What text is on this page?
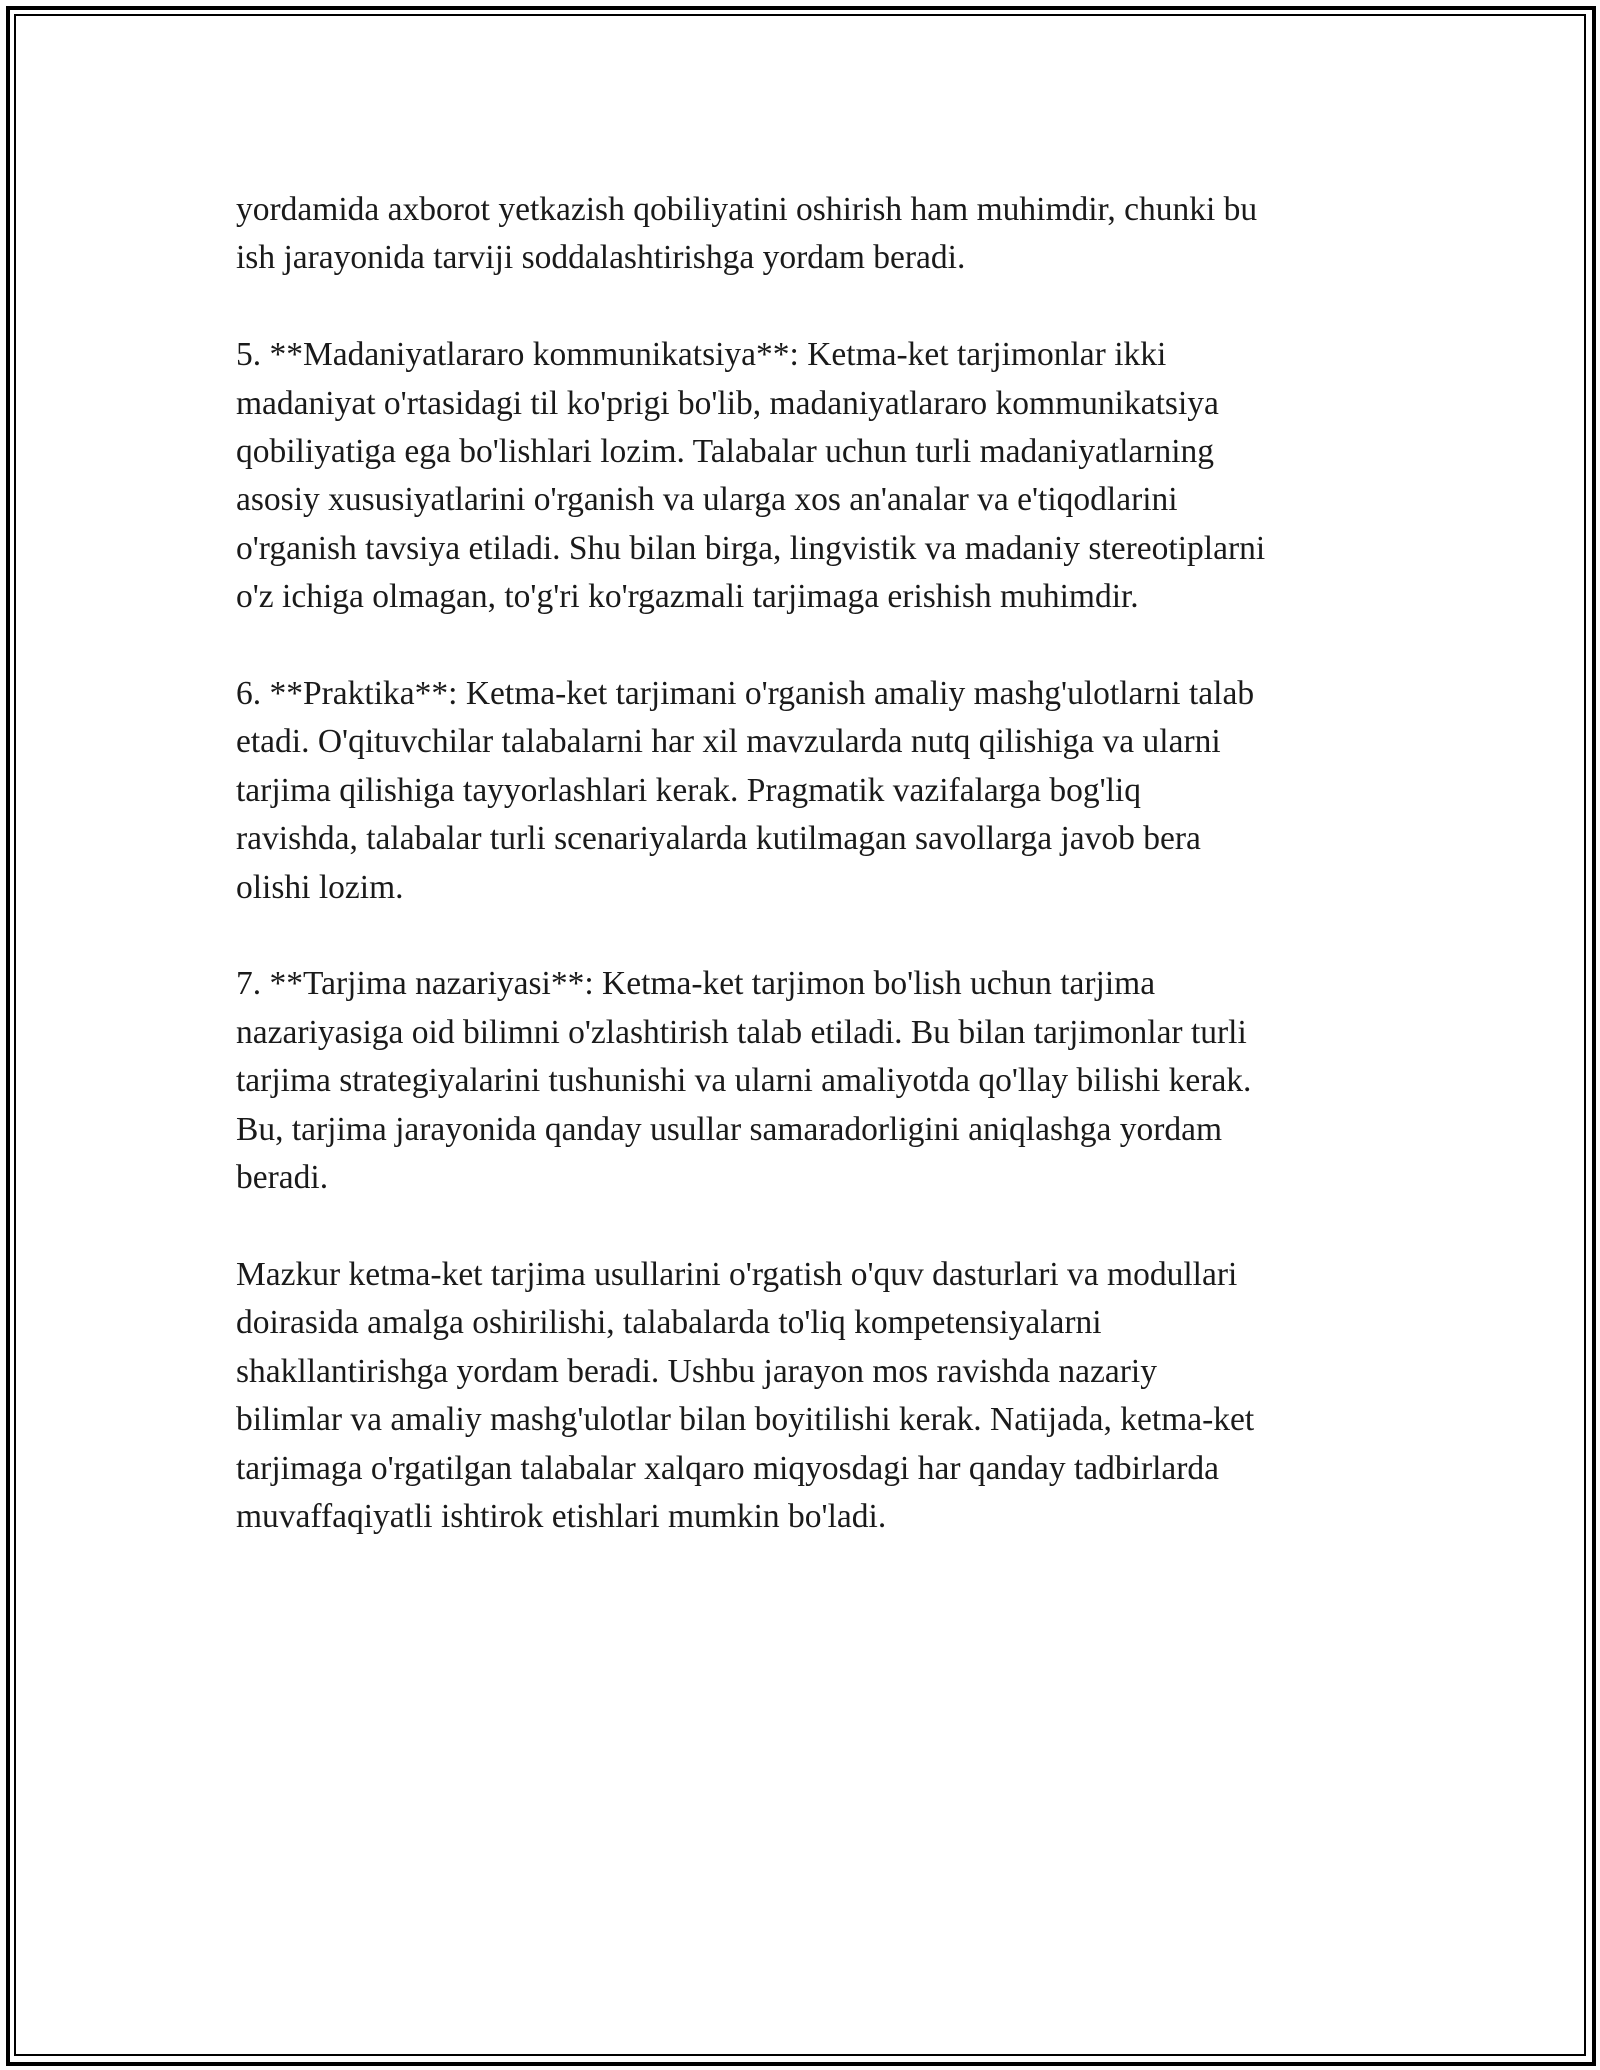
yordamida axborot yetkazish qobiliyatini oshirish ham muhimdir, chunki bu
ish jarayonida tarviji soddalashtirishga yordam beradi.

5. **Madaniyatlararo kommunikatsiya**: Ketma-ket tarjimonlar ikki
madaniyat o'rtasidagi til ko'prigi bo'lib, madaniyatlararo kommunikatsiya
qobiliyatiga ega bo'lishlari lozim. Talabalar uchun turli madaniyatlarning
asosiy xususiyatlarini o'rganish va ularga xos an'analar va e'tiqodlarini
o'rganish tavsiya etiladi. Shu bilan birga, lingvistik va madaniy stereotiplarni
o'z ichiga olmagan, to'g'ri ko'rgazmali tarjimaga erishish muhimdir.

6. **Praktika**: Ketma-ket tarjimani o'rganish amaliy mashg'ulotlarni talab
etadi. O'qituvchilar talabalarni har xil mavzularda nutq qilishiga va ularni
tarjima qilishiga tayyorlashlari kerak. Pragmatik vazifalarga bog'liq
ravishda, talabalar turli scenariyalarda kutilmagan savollarga javob bera
olishi lozim.

7. **Tarjima nazariyasi**: Ketma-ket tarjimon bo'lish uchun tarjima
nazariyasiga oid bilimni o'zlashtirish talab etiladi. Bu bilan tarjimonlar turli
tarjima strategiyalarini tushunishi va ularni amaliyotda qo'llay bilishi kerak.
Bu, tarjima jarayonida qanday usullar samaradorligini aniqlashga yordam
beradi.

Mazkur ketma-ket tarjima usullarini o'rgatish o'quv dasturlari va modullari
doirasida amalga oshirilishi, talabalarda to'liq kompetensiyalarni
shakllantirishga yordam beradi. Ushbu jarayon mos ravishda nazariy
bilimlar va amaliy mashg'ulotlar bilan boyitilishi kerak. Natijada, ketma-ket
tarjimaga o'rgatilgan talabalar xalqaro miqyosdagi har qanday tadbirlarda
muvaffaqiyatli ishtirok etishlari mumkin bo'ladi.
